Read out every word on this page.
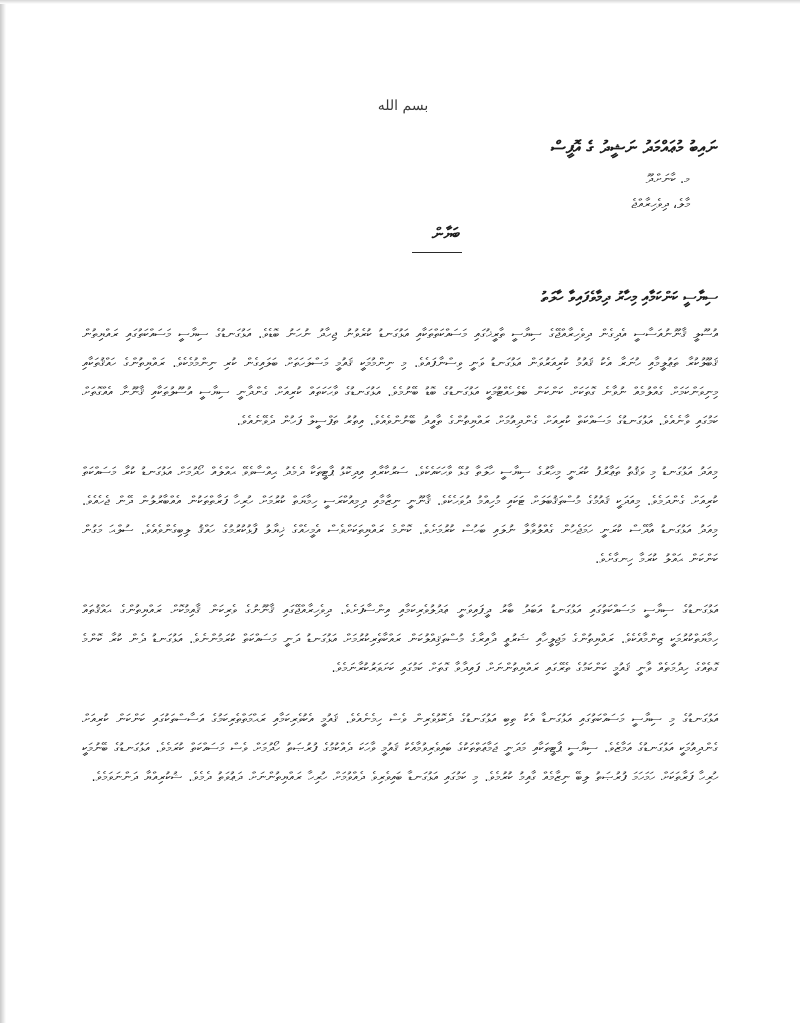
بسم الله
ނައިބު މުޢައްމަދު ނަޝީދު ގެ އޮފީސް
މ. ކާނަށްދޫ
މާލެ، ދިވެހިރާއްޖެ
ބަޔާން
ސިޔާސީ ކަންކަމާއި މިހާރު ދިމާވެފައިވާ ހާލަތު

އުސޫލީ ޤާނޫނުއަސާސީ އެދިގެން ދިވެހިރާއްޖޭގެ ސިޔާސީ ތާރީޚުގައި މަސައްކަތްތަކާއި އަޅުގަނޑު ކުރެވުނު ޖިހާދު ނުހަނު ބޮޑެވެ. އަޅުގަނޑުގެ ސިޔާސީ މަސައްކަތުގައި ރައްޔިތުން ޤަބޫލުކުރާ ތަޢުލީމާއި ހުނަރާ އެކު ޤައުމު ކުރިއަރުވަން އަޅުގަނޑު ވަނީ ވިސްނާފައެވެ. މި ނިންމުމަކީ ޤައުމީ މަސްލަހަތަށް ބަލައިގެން ކުރި ނިންމުމެކެވެ. ރައްޔިތުންގެ ހައްޤުތަކާއި މިނިވަންކަމަށް ގެއްލުމެއް ނުވާނެ ގޮތަކަށް ކަންކަން ބެލެހެއްޓުމަކީ އަޅުގަނޑުގެ ބޮޑު ބޭނުމެވެ. އަޅުގަނޑުގެ ވާހަކަތައް ކުރިއަށް ގެންދާނީ ސިޔާސީ އުސޫލުތަކާއި ޤާނޫނާ އެއްގޮތަށް ކަމުގައި ވާނެއެވެ. އަޅުގަނޑުގެ މަސައްކަތް ކުރިއަށް ގެންދިއުމަށް ރައްޔިތުންގެ ތާއީދު ބޭނުންވެއެވެ. އިތުރު ތަފްސީލް ފަހުން ދެވޭނެއެވެ.

މިއަދު އަޅުގަނޑު މި ވަޤުތު ތަޢާރުފު ކުރަނީ މިހާރުގެ ސިޔާސީ ހާލަތާ ގުޅޭ ވާހަކައެކެވެ. ސަރުކާރާއި އިދިކޮޅު ޕާޓީތަކާ ދެމެދު ޙިއްސާވެވޭ ޙައްލެއް ހޯދުމަށް އަޅުގަނޑު ކުރާ މަސައްކަތް ކުރިއަށް ގެންދަމެވެ. މިއަދަކީ ޤައުމުގެ މުސްތަޤުބަލަށް ޓަކައި މުހިއްމު ދުވަހެކެވެ. ޤާނޫނީ ނިޒާމާއި ދިމިއުކްރަސީ ހިމާޔަތް ކުރުމަށް ހުރިހާ ފަރާތްތަކުން އެއްބާރުލުން ދޭން ޖެހެއެވެ. މިއަދު އަޅުގަނޑު އާދޭސް ކުރަނީ ހަމަޖެހުން ގެއްލުވާލާ ނުލައި ބަހުސް ކުރުމަށެވެ. ކޮންމެ ރައްޔިތަކަށްވެސް އެމީހެއްގެ ޚިޔާލު ފާޅުކުރުމުގެ ހައްޤު ލިބިގެންވެއެވެ. ސުލްޙަ މަގުން ކަންކަން ޙައްލު ކުރަމާ ހިނގާށެވެ.

އަޅުގަނޑުގެ ސިޔާސީ މަސައްކަތުގައި އަޅުގަނޑު އަބަދު ބާރު ދީފައިވަނީ ޢަދުލުވެރިކަމާއި އިންސާފަށެވެ. ދިވެހިރާއްޖޭގައި ޤާނޫނުގެ ވެރިކަން ޤާއިމުކޮށް ރައްޔިތުންގެ ޙައްޤުތައް ހިމާޔަތްކުރުމަކީ ޒިންމާއެކެވެ. ރައްޔިތުންގެ މަޖިލީހާއި ޝަރުޢީ ދާއިރާގެ މުސްތަޤިއްލުކަން ރައްކާތެރިކުރުމަށް އަޅުގަނޑު ދަނީ މަސައްކަތް ކުރަމުންނެވެ. އަޅުގަނޑު ދެން ކުރާ ކޮންމެ ގޮތެއްގެ ހިދުމަތެއް ވާނީ ޤައުމީ ކަންކަމުގެ ތެރޭގައި ރައްޔިތުންނަށް ފައިދާވާ ގޮތަށް ކަމުގައި ކަށަވަރުކުރާނަމެވެ.

އަޅުގަނޑުގެ މި ސިޔާސީ މަސައްކަތުގައި އަޅުގަނޑާ އެކު ތިބި އަޅުގަނޑުގެ ދެކޮޅުވެރިން ވެސް ހިމެނެއެވެ. ޤައުމީ އެކުވެރިކަމާއި ރަޙްމަތްތެރިކަމުގެ އަސާސްތަކުގައި ކަންކަން ކުރިއަށް ގެންދިއުމަކީ އަޅުގަނޑުގެ އަމާޒެވެ. ސިޔާސީ ޕާޓީތަކާއި މަދަނީ ޖަމާޢަތްތަކުގެ ބައިވެރިވުމާއެކު ޤައުމީ ވާހަކަ ދެއްކުމުގެ ފުރުޞަތު ހޯދުމަށް ވެސް މަސައްކަތް ކުރަމެވެ. އަޅުގަނޑުގެ ބޭނުމަކީ ހުރިހާ ފަރާތަކަށް ހަމަހަމަ ފުރުޞަތު ލިބޭ ނިޒާމެއް ގާއިމު ކުރުމެވެ. މި ކަމުގައި އަޅުގަނޑާ ބައިވެރިވެ ދެއްވުމަށް ހުރިހާ ރައްޔިތުންނަށް ދަޢުވަތު ދެމެވެ. ޝުކުރިއްޔާ ދަންނަވަމެވެ.
